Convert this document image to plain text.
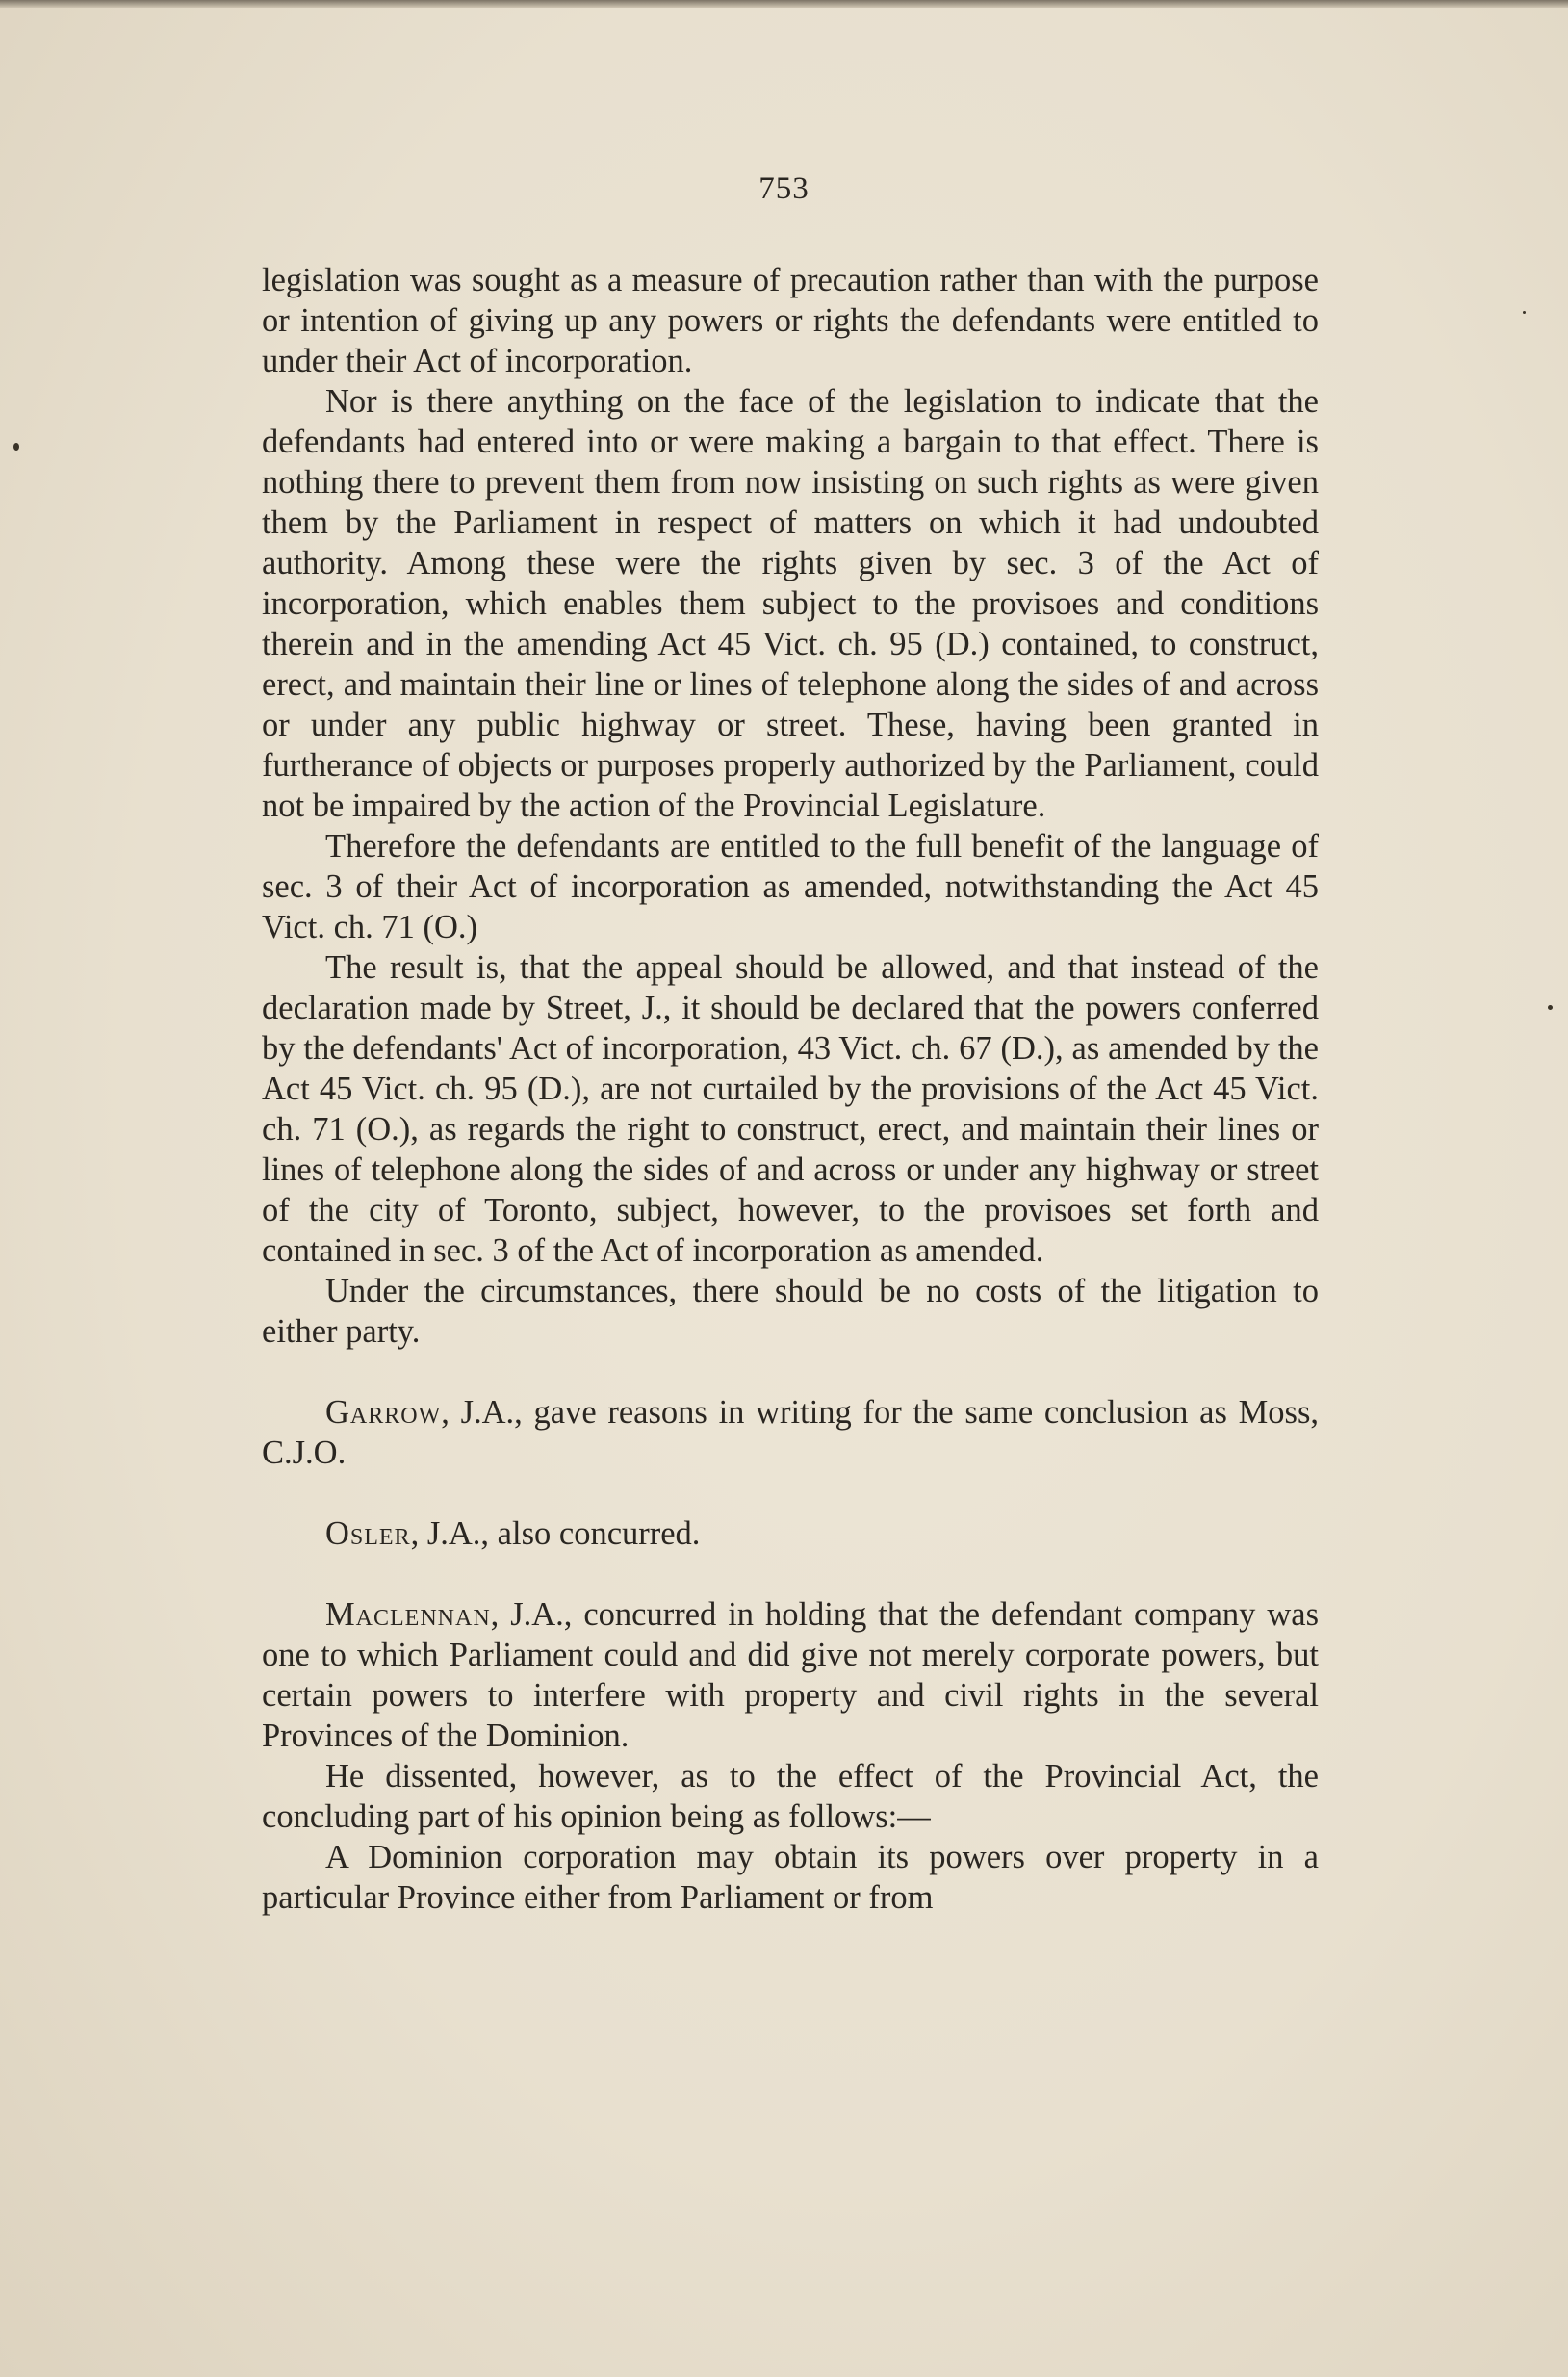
753

legislation was sought as a measure of precaution rather than with the purpose or intention of giving up any powers or rights the defendants were entitled to under their Act of incorporation.

Nor is there anything on the face of the legislation to indicate that the defendants had entered into or were making a bargain to that effect. There is nothing there to prevent them from now insisting on such rights as were given them by the Parliament in respect of matters on which it had undoubted authority. Among these were the rights given by sec. 3 of the Act of incorporation, which enables them subject to the provisoes and conditions therein and in the amending Act 45 Vict. ch. 95 (D.) contained, to construct, erect, and maintain their line or lines of telephone along the sides of and across or under any public highway or street. These, having been granted in furtherance of objects or purposes properly authorized by the Parliament, could not be impaired by the action of the Provincial Legislature.

Therefore the defendants are entitled to the full benefit of the language of sec. 3 of their Act of incorporation as amended, notwithstanding the Act 45 Vict. ch. 71 (O.)

The result is, that the appeal should be allowed, and that instead of the declaration made by Street, J., it should be declared that the powers conferred by the defendants' Act of incorporation, 43 Vict. ch. 67 (D.), as amended by the Act 45 Vict. ch. 95 (D.), are not curtailed by the provisions of the Act 45 Vict. ch. 71 (O.), as regards the right to construct, erect, and maintain their lines or lines of telephone along the sides of and across or under any highway or street of the city of Toronto, subject, however, to the provisoes set forth and contained in sec. 3 of the Act of incorporation as amended.

Under the circumstances, there should be no costs of the litigation to either party.

Garrow, J.A., gave reasons in writing for the same conclusion as Moss, C.J.O.

Osler, J.A., also concurred.

Maclennan, J.A., concurred in holding that the defendant company was one to which Parliament could and did give not merely corporate powers, but certain powers to interfere with property and civil rights in the several Provinces of the Dominion.

He dissented, however, as to the effect of the Provincial Act, the concluding part of his opinion being as follows:—

A Dominion corporation may obtain its powers over property in a particular Province either from Parliament or from
